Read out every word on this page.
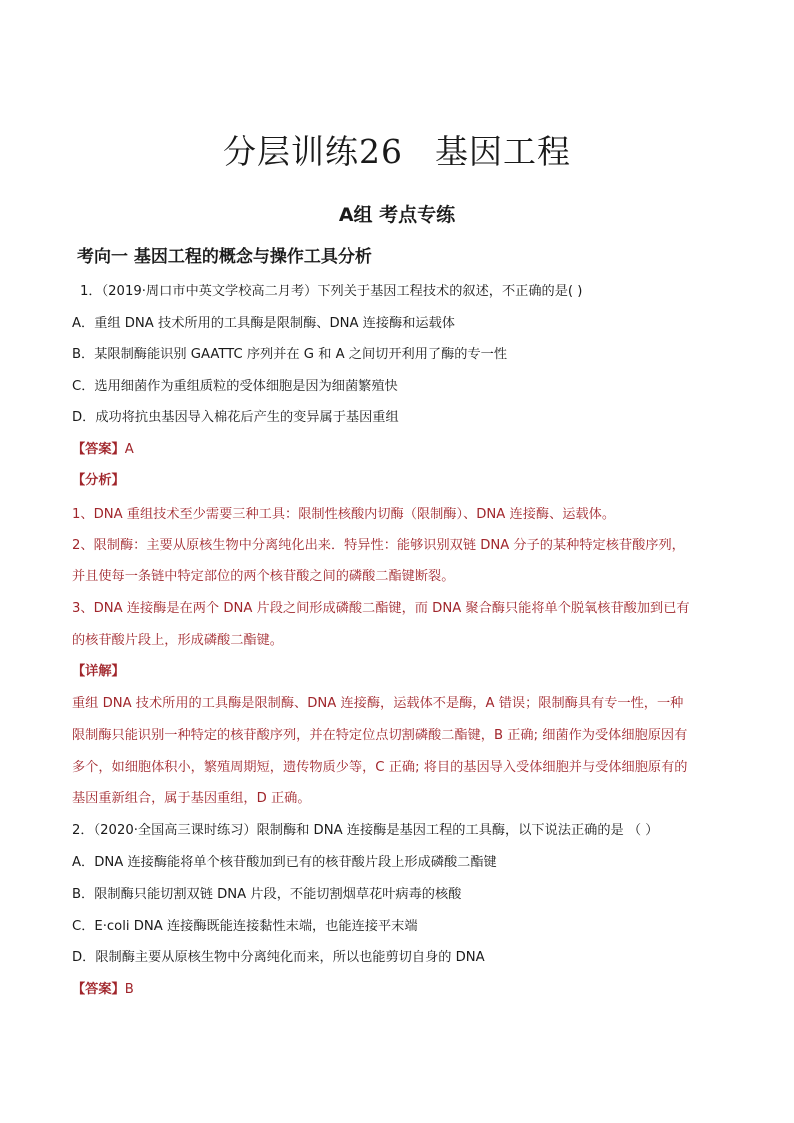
分层训练26 基因工程
A组 考点专练
考向一 基因工程的概念与操作工具分析
1．（2019·周口市中英文学校高二月考）下列关于基因工程技术的叙述，不正确的是( )
A．重组 DNA 技术所用的工具酶是限制酶、DNA 连接酶和运载体
B．某限制酶能识别 GAATTC 序列并在 G 和 A 之间切开利用了酶的专一性
C．选用细菌作为重组质粒的受体细胞是因为细菌繁殖快
D．成功将抗虫基因导入棉花后产生的变异属于基因重组
【答案】A
【分析】
1、DNA 重组技术至少需要三种工具：限制性核酸内切酶（限制酶）、DNA 连接酶、运载体。
2、限制酶：主要从原核生物中分离纯化出来．特异性：能够识别双链 DNA 分子的某种特定核苷酸序列，
并且使每一条链中特定部位的两个核苷酸之间的磷酸二酯键断裂。
3、DNA 连接酶是在两个 DNA 片段之间形成磷酸二酯键，而 DNA 聚合酶只能将单个脱氧核苷酸加到已有
的核苷酸片段上，形成磷酸二酯键。
【详解】
重组 DNA 技术所用的工具酶是限制酶、DNA 连接酶，运载体不是酶，A 错误；限制酶具有专一性，一种
限制酶只能识别一种特定的核苷酸序列，并在特定位点切割磷酸二酯键，B 正确; 细菌作为受体细胞原因有
多个，如细胞体积小，繁殖周期短，遗传物质少等，C 正确; 将目的基因导入受体细胞并与受体细胞原有的
基因重新组合，属于基因重组，D 正确。
2．（2020·全国高三课时练习）限制酶和 DNA 连接酶是基因工程的工具酶，以下说法正确的是 （ ）
A．DNA 连接酶能将单个核苷酸加到已有的核苷酸片段上形成磷酸二酯键
B．限制酶只能切割双链 DNA 片段，不能切割烟草花叶病毒的核酸
C．E·coli DNA 连接酶既能连接黏性末端，也能连接平末端
D．限制酶主要从原核生物中分离纯化而来，所以也能剪切自身的 DNA
【答案】B
